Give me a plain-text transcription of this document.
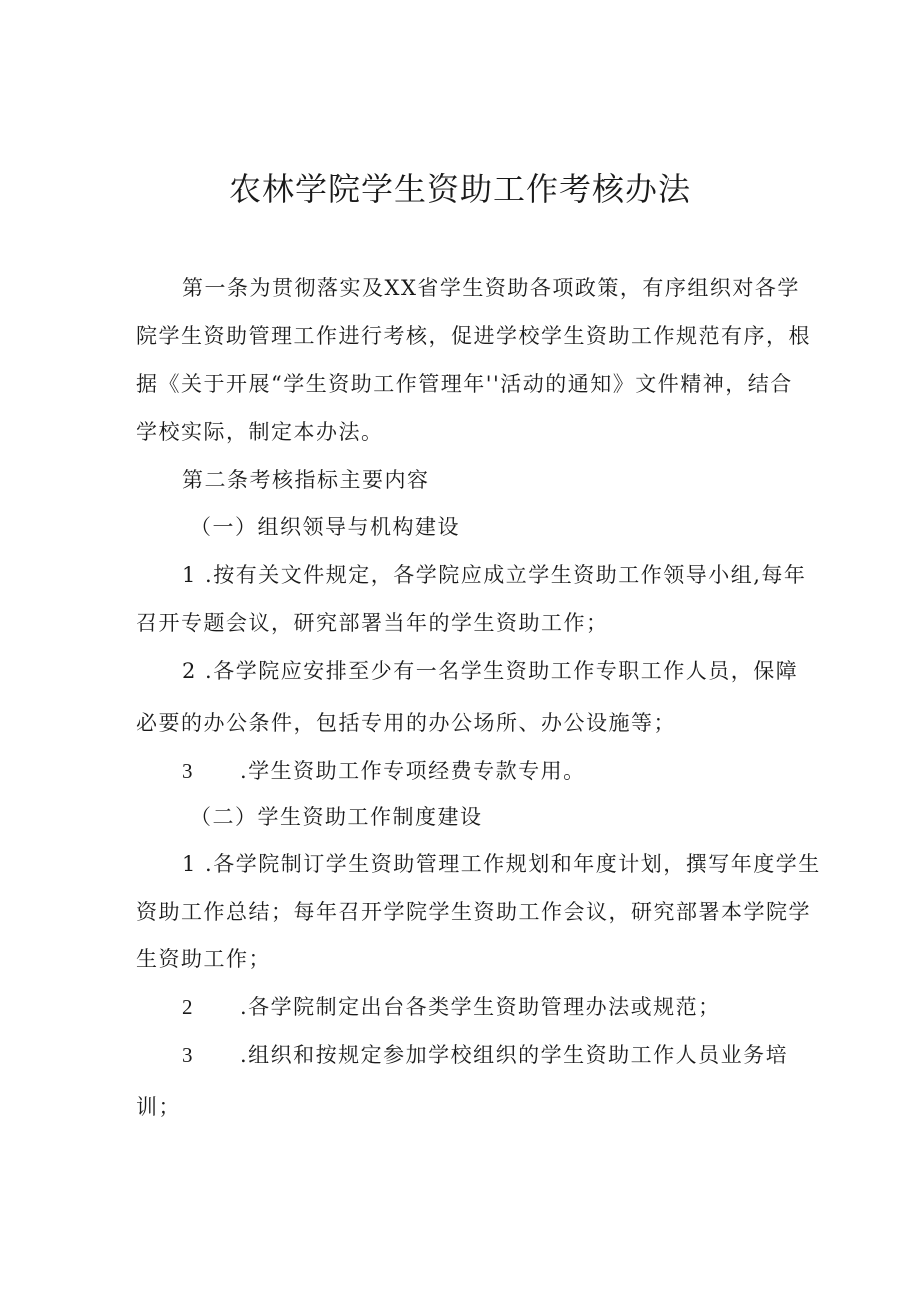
农林学院学生资助工作考核办法
第一条为贯彻落实及XX省学生资助各项政策，有序组织对各学
院学生资助管理工作进行考核，促进学校学生资助工作规范有序，根
据《关于开展“学生资助工作管理年''活动的通知》文件精神，结合
学校实际，制定本办法。
第二条考核指标主要内容
（一）组织领导与机构建设
1 .按有关文件规定，各学院应成立学生资助工作领导小组,每年
召开专题会议，研究部署当年的学生资助工作；
2 .各学院应安排至少有一名学生资助工作专职工作人员，保障
必要的办公条件，包括专用的办公场所、办公设施等；
3 .学生资助工作专项经费专款专用。
（二）学生资助工作制度建设
1 .各学院制订学生资助管理工作规划和年度计划，撰写年度学生
资助工作总结；每年召开学院学生资助工作会议，研究部署本学院学
生资助工作；
2 .各学院制定出台各类学生资助管理办法或规范；
3 .组织和按规定参加学校组织的学生资助工作人员业务培
训；
